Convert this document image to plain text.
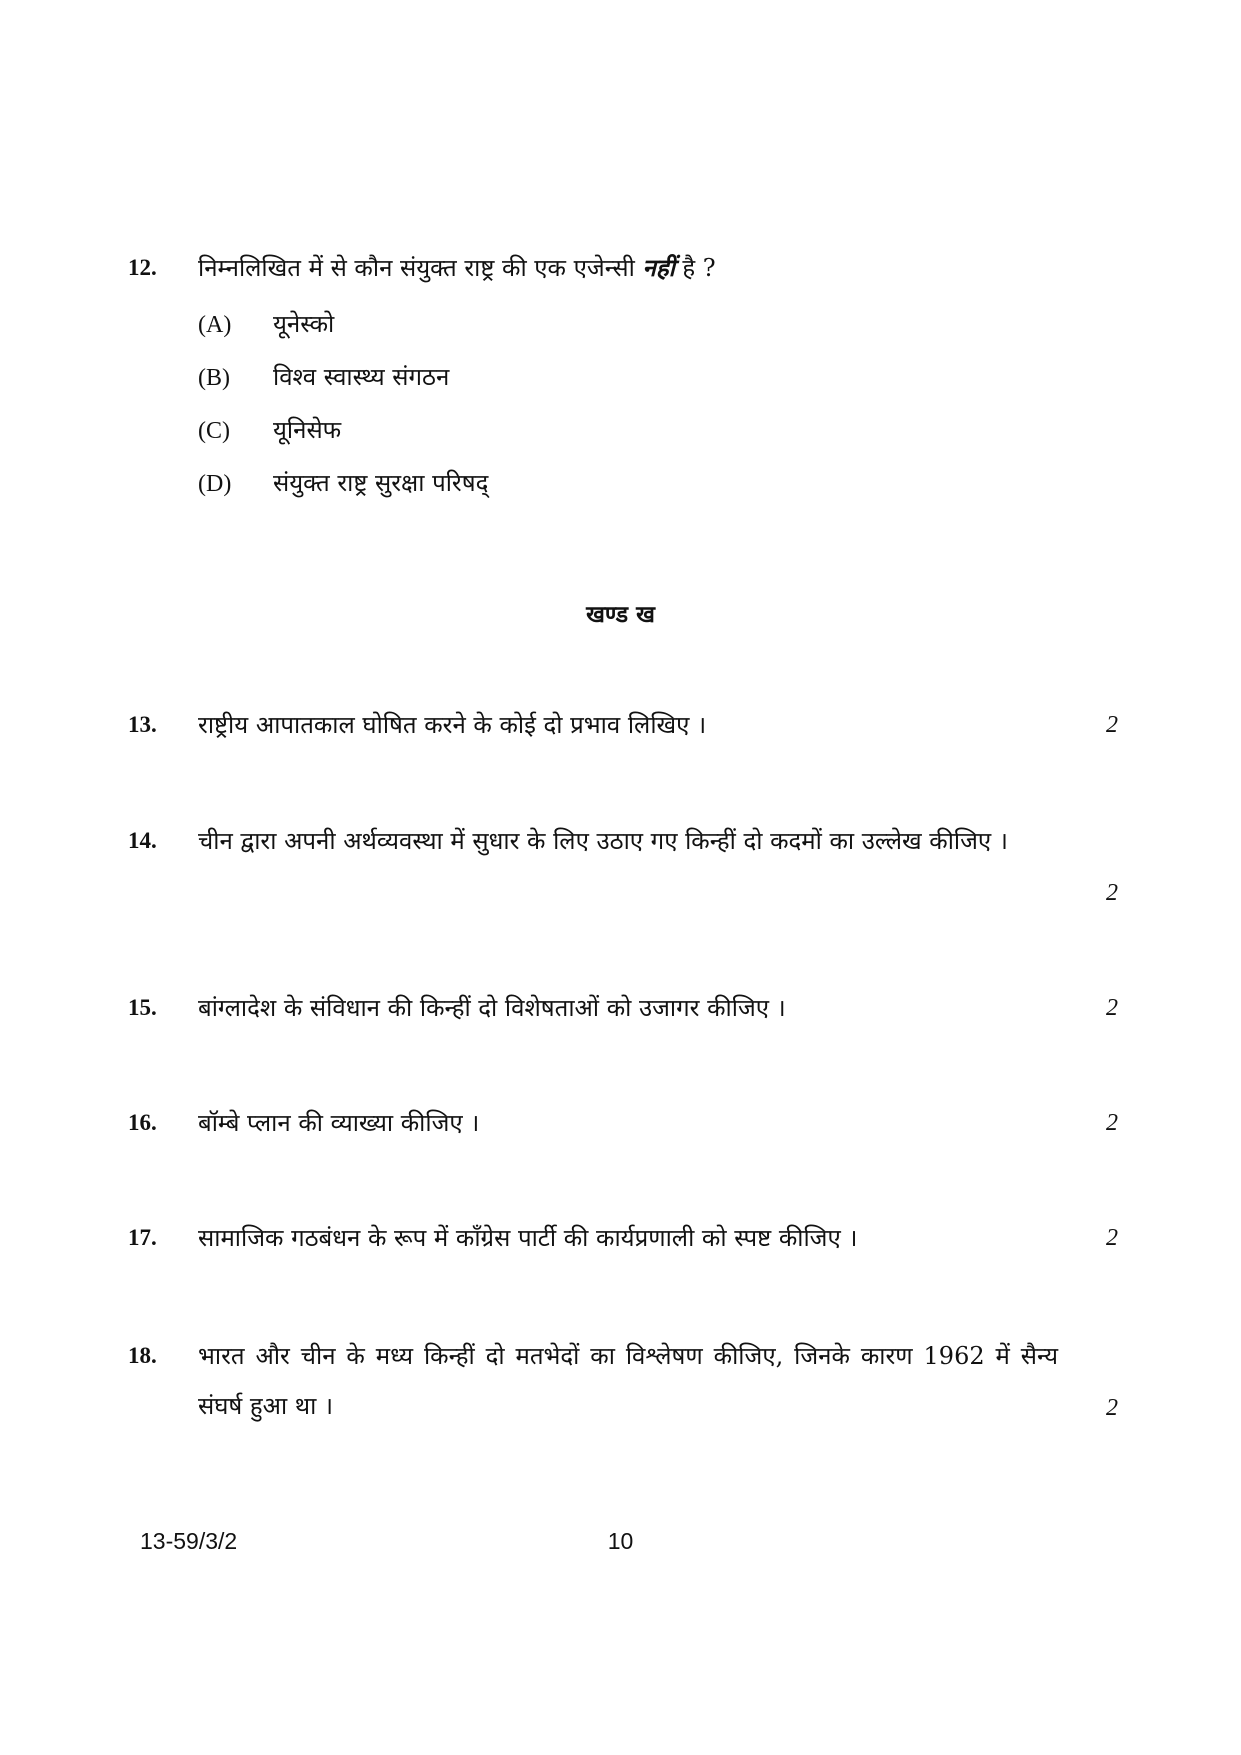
12. निम्नलिखित में से कौन संयुक्त राष्ट्र की एक एजेन्सी नहीं है ?
(A) यूनेस्को
(B) विश्व स्वास्थ्य संगठन
(C) यूनिसेफ
(D) संयुक्त राष्ट्र सुरक्षा परिषद्
खण्ड ख
13. राष्ट्रीय आपातकाल घोषित करने के कोई दो प्रभाव लिखिए ।	2
14. चीन द्वारा अपनी अर्थव्यवस्था में सुधार के लिए उठाए गए किन्हीं दो कदमों का उल्लेख कीजिए ।
2
15. बांग्लादेश के संविधान की किन्हीं दो विशेषताओं को उजागर कीजिए ।	2
16. बॉम्बे प्लान की व्याख्या कीजिए ।	2
17. सामाजिक गठबंधन के रूप में काँग्रेस पार्टी की कार्यप्रणाली को स्पष्ट कीजिए ।	2
18. भारत और चीन के मध्य किन्हीं दो मतभेदों का विश्लेषण कीजिए, जिनके कारण 1962 में सैन्य संघर्ष हुआ था ।	2
13-59/3/2	10
